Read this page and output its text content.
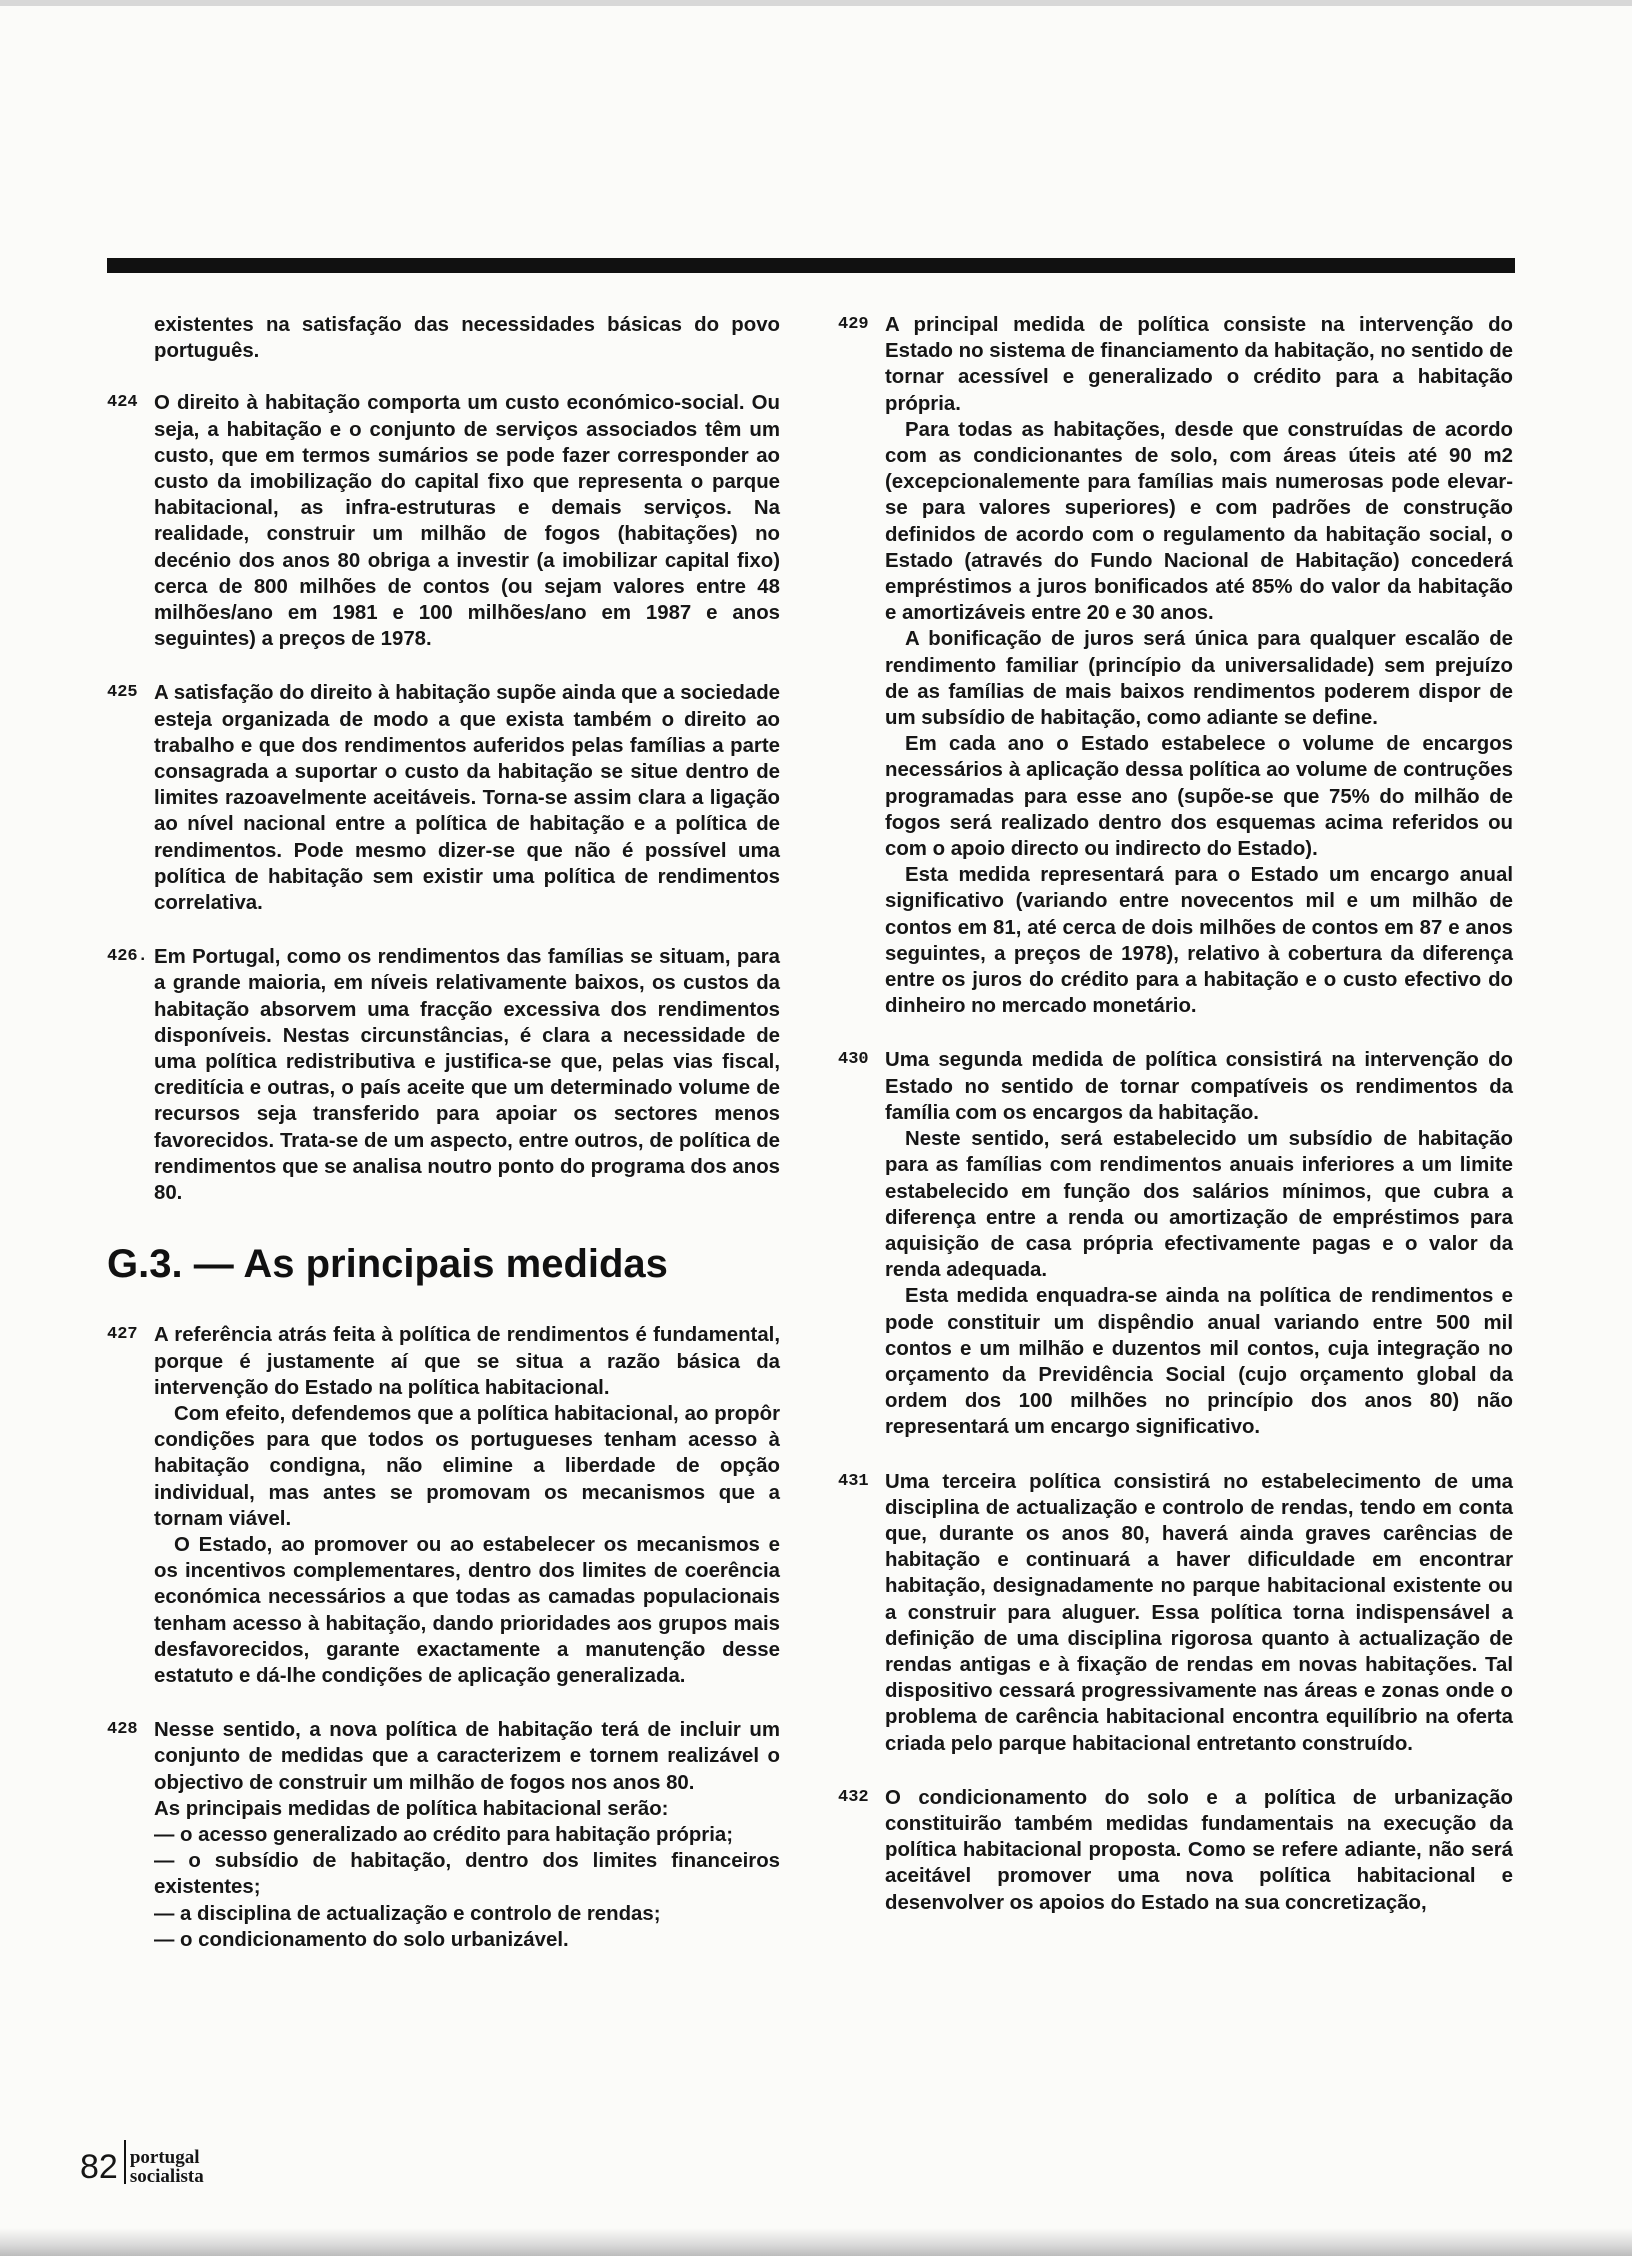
existentes na satisfação das necessidades básicas do povo português.

424 O direito à habitação comporta um custo económico-social. Ou seja, a habitação e o conjunto de serviços associados têm um custo, que em termos sumários se pode fazer corresponder ao custo da imobilização do capital fixo que representa o parque habitacional, as infra-estruturas e demais serviços. Na realidade, construir um milhão de fogos (habitações) no decénio dos anos 80 obriga a investir (a imobilizar capital fixo) cerca de 800 milhões de contos (ou sejam valores entre 48 milhões/ano em 1981 e 100 milhões/ano em 1987 e anos seguintes) a preços de 1978.

425 A satisfação do direito à habitação supõe ainda que a sociedade esteja organizada de modo a que exista também o direito ao trabalho e que dos rendimentos auferidos pelas famílias a parte consagrada a suportar o custo da habitação se situe dentro de limites razoavelmente aceitáveis. Torna-se assim clara a ligação ao nível nacional entre a política de habitação e a política de rendimentos. Pode mesmo dizer-se que não é possível uma política de habitação sem existir uma política de rendimentos correlativa.

426. Em Portugal, como os rendimentos das famílias se situam, para a grande maioria, em níveis relativamente baixos, os custos da habitação absorvem uma fracção excessiva dos rendimentos disponíveis. Nestas circunstâncias, é clara a necessidade de uma política redistributiva e justifica-se que, pelas vias fiscal, creditícia e outras, o país aceite que um determinado volume de recursos seja transferido para apoiar os sectores menos favorecidos. Trata-se de um aspecto, entre outros, de política de rendimentos que se analisa noutro ponto do programa dos anos 80.

G.3. — As principais medidas
427 A referência atrás feita à política de rendimentos é fundamental, porque é justamente aí que se situa a razão básica da intervenção do Estado na política habitacional.

Com efeito, defendemos que a política habitacional, ao propôr condições para que todos os portugueses tenham acesso à habitação condigna, não elimine a liberdade de opção individual, mas antes se promovam os mecanismos que a tornam viável.

O Estado, ao promover ou ao estabelecer os mecanismos e os incentivos complementares, dentro dos limites de coerência económica necessários a que todas as camadas populacionais tenham acesso à habitação, dando prioridades aos grupos mais desfavorecidos, garante exactamente a manutenção desse estatuto e dá-lhe condições de aplicação generalizada.

428 Nesse sentido, a nova política de habitação terá de incluir um conjunto de medidas que a caracterizem e tornem realizável o objectivo de construir um milhão de fogos nos anos 80.

As principais medidas de política habitacional serão:

— o acesso generalizado ao crédito para habitação própria;

— o subsídio de habitação, dentro dos limites financeiros existentes;

— a disciplina de actualização e controlo de rendas;

— o condicionamento do solo urbanizável.

429 A principal medida de política consiste na intervenção do Estado no sistema de financiamento da habitação, no sentido de tornar acessível e generalizado o crédito para a habitação própria.

Para todas as habitações, desde que construídas de acordo com as condicionantes de solo, com áreas úteis até 90 m2 (excepcionalemente para famílias mais numerosas pode elevar-se para valores superiores) e com padrões de construção definidos de acordo com o regulamento da habitação social, o Estado (através do Fundo Nacional de Habitação) concederá empréstimos a juros bonificados até 85% do valor da habitação e amortizáveis entre 20 e 30 anos.

A bonificação de juros será única para qualquer escalão de rendimento familiar (princípio da universalidade) sem prejuízo de as famílias de mais baixos rendimentos poderem dispor de um subsídio de habitação, como adiante se define.

Em cada ano o Estado estabelece o volume de encargos necessários à aplicação dessa política ao volume de contruções programadas para esse ano (supõe-se que 75% do milhão de fogos será realizado dentro dos esquemas acima referidos ou com o apoio directo ou indirecto do Estado).

Esta medida representará para o Estado um encargo anual significativo (variando entre novecentos mil e um milhão de contos em 81, até cerca de dois milhões de contos em 87 e anos seguintes, a preços de 1978), relativo à cobertura da diferença entre os juros do crédito para a habitação e o custo efectivo do dinheiro no mercado monetário.

430 Uma segunda medida de política consistirá na intervenção do Estado no sentido de tornar compatíveis os rendimentos da família com os encargos da habitação.

Neste sentido, será estabelecido um subsídio de habitação para as famílias com rendimentos anuais inferiores a um limite estabelecido em função dos salários mínimos, que cubra a diferença entre a renda ou amortização de empréstimos para aquisição de casa própria efectivamente pagas e o valor da renda adequada.

Esta medida enquadra-se ainda na política de rendimentos e pode constituir um dispêndio anual variando entre 500 mil contos e um milhão e duzentos mil contos, cuja integração no orçamento da Previdência Social (cujo orçamento global da ordem dos 100 milhões no princípio dos anos 80) não representará um encargo significativo.

431 Uma terceira política consistirá no estabelecimento de uma disciplina de actualização e controlo de rendas, tendo em conta que, durante os anos 80, haverá ainda graves carências de habitação e continuará a haver dificuldade em encontrar habitação, designadamente no parque habitacional existente ou a construir para aluguer. Essa política torna indispensável a definição de uma disciplina rigorosa quanto à actualização de rendas antigas e à fixação de rendas em novas habitações. Tal dispositivo cessará progressivamente nas áreas e zonas onde o problema de carência habitacional encontra equilíbrio na oferta criada pelo parque habitacional entretanto construído.

432 O condicionamento do solo e a política de urbanização constituirão também medidas fundamentais na execução da política habitacional proposta. Como se refere adiante, não será aceitável promover uma nova política habitacional e desenvolver os apoios do Estado na sua concretização,

82 portugal
socialista
